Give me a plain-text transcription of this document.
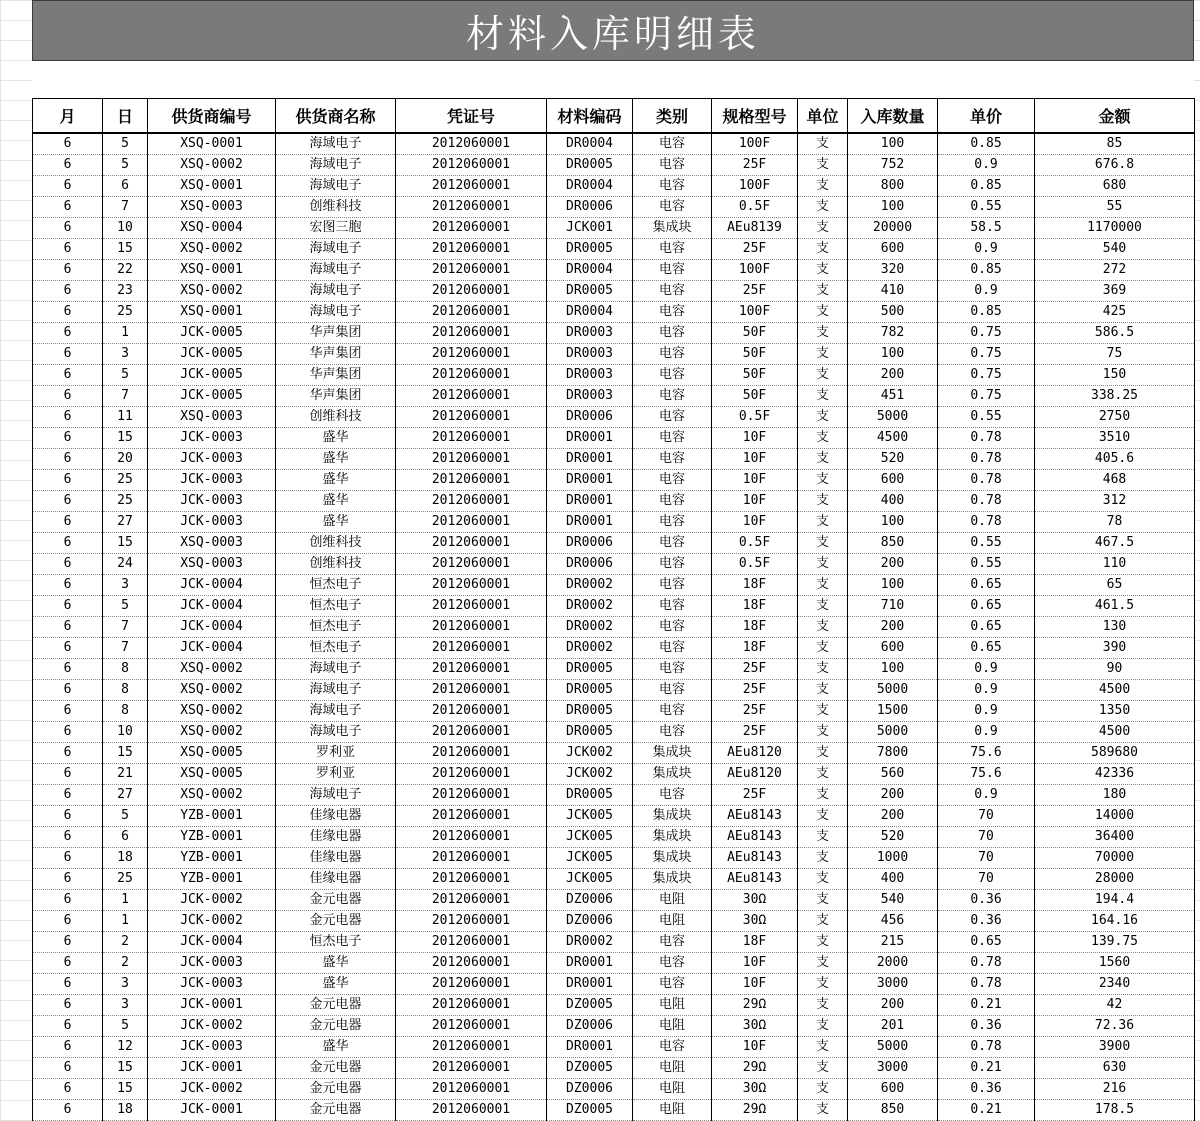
材料入库明细表
月	日	供货商编号	供货商名称	凭证号	材料编码	类别	规格型号	单位	入库数量	单价	金额
6	5	XSQ-0001	海域电子	2012060001	DR0004	电容	100F	支	100	0.85	85
6	5	XSQ-0002	海域电子	2012060001	DR0005	电容	25F	支	752	0.9	676.8
6	6	XSQ-0001	海域电子	2012060001	DR0004	电容	100F	支	800	0.85	680
6	7	XSQ-0003	创维科技	2012060001	DR0006	电容	0.5F	支	100	0.55	55
6	10	XSQ-0004	宏图三胞	2012060001	JCK001	集成块	AEu8139	支	20000	58.5	1170000
6	15	XSQ-0002	海域电子	2012060001	DR0005	电容	25F	支	600	0.9	540
6	22	XSQ-0001	海域电子	2012060001	DR0004	电容	100F	支	320	0.85	272
6	23	XSQ-0002	海域电子	2012060001	DR0005	电容	25F	支	410	0.9	369
6	25	XSQ-0001	海域电子	2012060001	DR0004	电容	100F	支	500	0.85	425
6	1	JCK-0005	华声集团	2012060001	DR0003	电容	50F	支	782	0.75	586.5
6	3	JCK-0005	华声集团	2012060001	DR0003	电容	50F	支	100	0.75	75
6	5	JCK-0005	华声集团	2012060001	DR0003	电容	50F	支	200	0.75	150
6	7	JCK-0005	华声集团	2012060001	DR0003	电容	50F	支	451	0.75	338.25
6	11	XSQ-0003	创维科技	2012060001	DR0006	电容	0.5F	支	5000	0.55	2750
6	15	JCK-0003	盛华	2012060001	DR0001	电容	10F	支	4500	0.78	3510
6	20	JCK-0003	盛华	2012060001	DR0001	电容	10F	支	520	0.78	405.6
6	25	JCK-0003	盛华	2012060001	DR0001	电容	10F	支	600	0.78	468
6	25	JCK-0003	盛华	2012060001	DR0001	电容	10F	支	400	0.78	312
6	27	JCK-0003	盛华	2012060001	DR0001	电容	10F	支	100	0.78	78
6	15	XSQ-0003	创维科技	2012060001	DR0006	电容	0.5F	支	850	0.55	467.5
6	24	XSQ-0003	创维科技	2012060001	DR0006	电容	0.5F	支	200	0.55	110
6	3	JCK-0004	恒杰电子	2012060001	DR0002	电容	18F	支	100	0.65	65
6	5	JCK-0004	恒杰电子	2012060001	DR0002	电容	18F	支	710	0.65	461.5
6	7	JCK-0004	恒杰电子	2012060001	DR0002	电容	18F	支	200	0.65	130
6	7	JCK-0004	恒杰电子	2012060001	DR0002	电容	18F	支	600	0.65	390
6	8	XSQ-0002	海域电子	2012060001	DR0005	电容	25F	支	100	0.9	90
6	8	XSQ-0002	海域电子	2012060001	DR0005	电容	25F	支	5000	0.9	4500
6	8	XSQ-0002	海域电子	2012060001	DR0005	电容	25F	支	1500	0.9	1350
6	10	XSQ-0002	海域电子	2012060001	DR0005	电容	25F	支	5000	0.9	4500
6	15	XSQ-0005	罗利亚	2012060001	JCK002	集成块	AEu8120	支	7800	75.6	589680
6	21	XSQ-0005	罗利亚	2012060001	JCK002	集成块	AEu8120	支	560	75.6	42336
6	27	XSQ-0002	海域电子	2012060001	DR0005	电容	25F	支	200	0.9	180
6	5	YZB-0001	佳缘电器	2012060001	JCK005	集成块	AEu8143	支	200	70	14000
6	6	YZB-0001	佳缘电器	2012060001	JCK005	集成块	AEu8143	支	520	70	36400
6	18	YZB-0001	佳缘电器	2012060001	JCK005	集成块	AEu8143	支	1000	70	70000
6	25	YZB-0001	佳缘电器	2012060001	JCK005	集成块	AEu8143	支	400	70	28000
6	1	JCK-0002	金元电器	2012060001	DZ0006	电阻	30Ω	支	540	0.36	194.4
6	1	JCK-0002	金元电器	2012060001	DZ0006	电阻	30Ω	支	456	0.36	164.16
6	2	JCK-0004	恒杰电子	2012060001	DR0002	电容	18F	支	215	0.65	139.75
6	2	JCK-0003	盛华	2012060001	DR0001	电容	10F	支	2000	0.78	1560
6	3	JCK-0003	盛华	2012060001	DR0001	电容	10F	支	3000	0.78	2340
6	3	JCK-0001	金元电器	2012060001	DZ0005	电阻	29Ω	支	200	0.21	42
6	5	JCK-0002	金元电器	2012060001	DZ0006	电阻	30Ω	支	201	0.36	72.36
6	12	JCK-0003	盛华	2012060001	DR0001	电容	10F	支	5000	0.78	3900
6	15	JCK-0001	金元电器	2012060001	DZ0005	电阻	29Ω	支	3000	0.21	630
6	15	JCK-0002	金元电器	2012060001	DZ0006	电阻	30Ω	支	600	0.36	216
6	18	JCK-0001	金元电器	2012060001	DZ0005	电阻	29Ω	支	850	0.21	178.5
